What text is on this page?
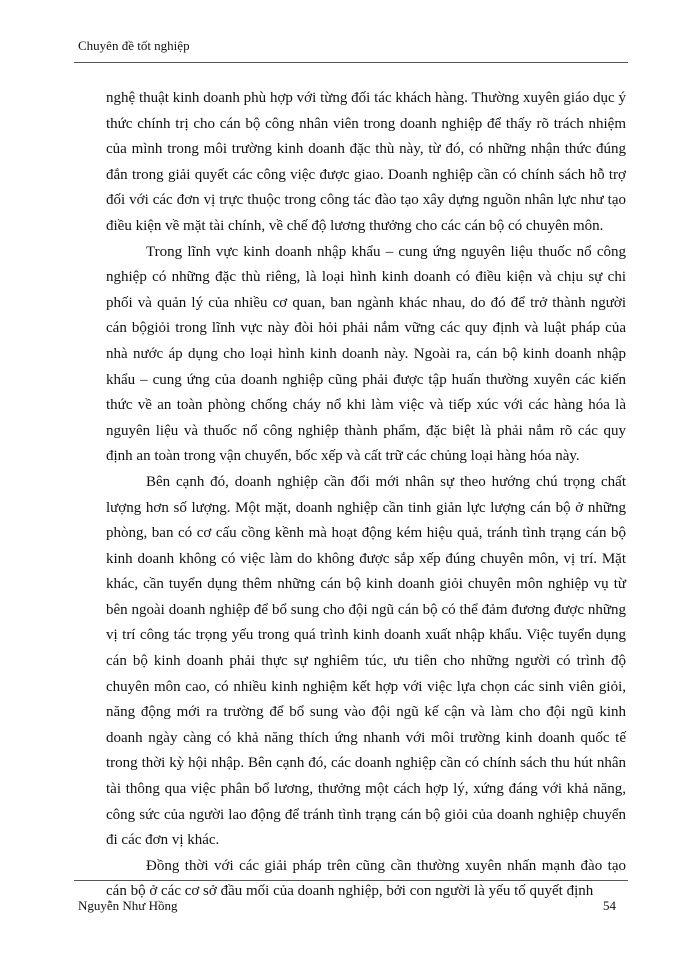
Chuyên đề tốt nghiệp

nghệ thuật kinh doanh phù hợp với từng đối tác khách hàng. Thường xuyên giáo dục ý thức chính trị cho cán bộ công nhân viên trong doanh nghiệp để thấy rõ trách nhiệm của mình trong môi trường kinh doanh đặc thù này, từ đó, có những nhận thức đúng đắn trong giải quyết các công việc được giao. Doanh nghiệp cần có chính sách hỗ trợ đối với các đơn vị trực thuộc trong công tác đào tạo xây dựng nguồn nhân lực như tạo điều kiện về mặt tài chính, về chế độ lương thưởng cho các cán bộ có chuyên môn.

Trong lĩnh vực kinh doanh nhập khẩu – cung ứng nguyên liệu thuốc nổ công nghiệp có những đặc thù riêng, là loại hình kinh doanh có điều kiện và chịu sự chi phối và quản lý của nhiều cơ quan, ban ngành khác nhau, do đó để trở thành người cán bộgiỏi trong lĩnh vực này đòi hỏi phải nắm vững các quy định và luật pháp của nhà nước áp dụng cho loại hình kinh doanh này. Ngoài ra, cán bộ kinh doanh nhập khẩu – cung ứng của doanh nghiệp cũng phải được tập huấn thường xuyên các kiến thức về an toàn phòng chống cháy nổ khi làm việc và tiếp xúc với các hàng hóa là nguyên liệu và thuốc nổ công nghiệp thành phẩm, đặc biệt là phải nắm rõ các quy định an toàn trong vận chuyển, bốc xếp và cất trữ các chủng loại hàng hóa này.

Bên cạnh đó, doanh nghiệp cần đổi mới nhân sự theo hướng chú trọng chất lượng hơn số lượng. Một mặt, doanh nghiệp cần tinh giản lực lượng cán bộ ở những phòng, ban có cơ cấu cồng kềnh mà hoạt động kém hiệu quả, tránh tình trạng cán bộ kinh doanh không có việc làm do không được sắp xếp đúng chuyên môn, vị trí. Mặt khác, cần tuyển dụng thêm những cán bộ kinh doanh giỏi chuyên môn nghiệp vụ từ bên ngoài doanh nghiệp để bổ sung cho đội ngũ cán bộ có thể đảm đương được những vị trí công tác trọng yếu trong quá trình kinh doanh xuất nhập khẩu. Việc tuyển dụng cán bộ kinh doanh phải thực sự nghiêm túc, ưu tiên cho những người có trình độ chuyên môn cao, có nhiều kinh nghiệm kết hợp với việc lựa chọn các sinh viên giỏi, năng động mới ra trường để bổ sung vào đội ngũ kế cận và làm cho đội ngũ kinh doanh ngày càng có khả năng thích ứng nhanh với môi trường kinh doanh quốc tế trong thời kỳ hội nhập. Bên cạnh đó, các doanh nghiệp cần có chính sách thu hút nhân tài thông qua việc phân bổ lương, thưởng một cách hợp lý, xứng đáng với khả năng, công sức của người lao động để tránh tình trạng cán bộ giỏi của doanh nghiệp chuyển đi các đơn vị khác.

Đồng thời với các giải pháp trên cũng cần thường xuyên nhấn mạnh đào tạo cán bộ ở các cơ sở đầu mối của doanh nghiệp, bởi con người là yếu tố quyết định

Nguyễn Như Hồng	54
